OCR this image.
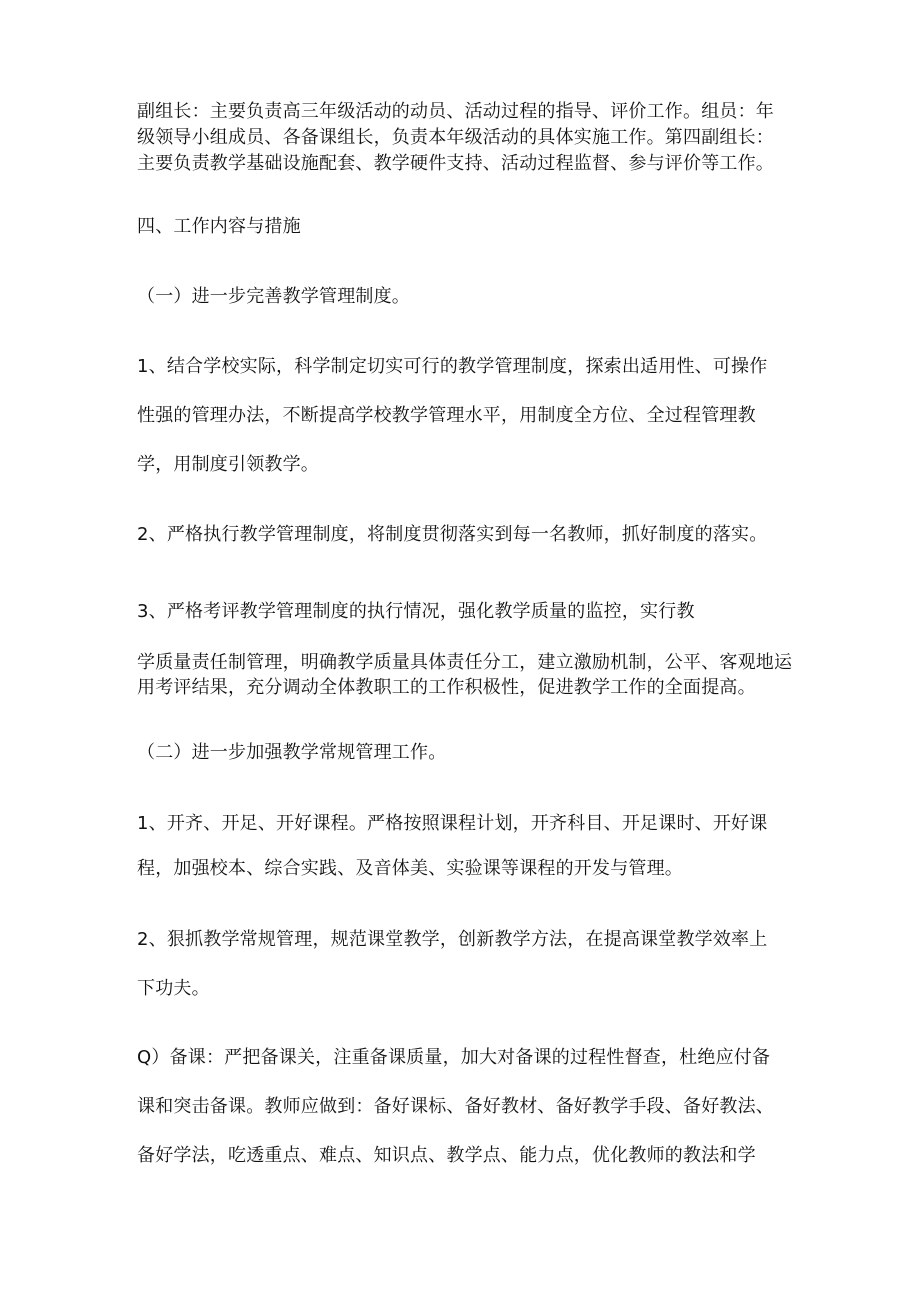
副组长：主要负责高三年级活动的动员、活动过程的指导、评价工作。组员：年
级领导小组成员、各备课组长，负责本年级活动的具体实施工作。第四副组长：
主要负责教学基础设施配套、教学硬件支持、活动过程监督、参与评价等工作。
四、工作内容与措施
（一）进一步完善教学管理制度。
1、结合学校实际，科学制定切实可行的教学管理制度，探索出适用性、可操作
性强的管理办法，不断提高学校教学管理水平，用制度全方位、全过程管理教
学，用制度引领教学。
2、严格执行教学管理制度，将制度贯彻落实到每一名教师，抓好制度的落实。
3、严格考评教学管理制度的执行情况，强化教学质量的监控，实行教
学质量责任制管理，明确教学质量具体责任分工，建立激励机制，公平、客观地运
用考评结果，充分调动全体教职工的工作积极性，促进教学工作的全面提高。
（二）进一步加强教学常规管理工作。
1、开齐、开足、开好课程。严格按照课程计划，开齐科目、开足课时、开好课
程，加强校本、综合实践、及音体美、实验课等课程的开发与管理。
2、狠抓教学常规管理，规范课堂教学，创新教学方法，在提高课堂教学效率上
下功夫。
Q）备课：严把备课关，注重备课质量，加大对备课的过程性督查，杜绝应付备
课和突击备课。教师应做到：备好课标、备好教材、备好教学手段、备好教法、
备好学法，吃透重点、难点、知识点、教学点、能力点，优化教师的教法和学
